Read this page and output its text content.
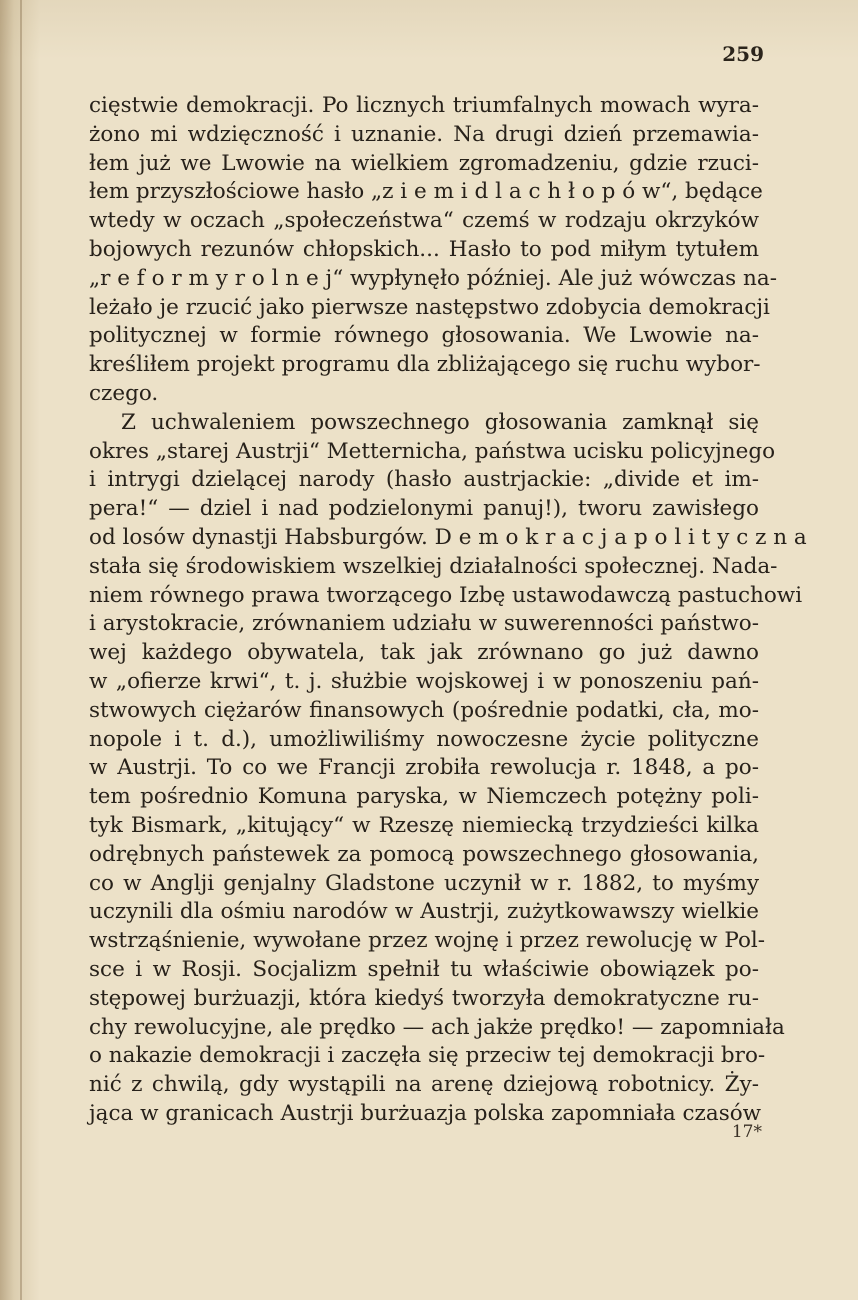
259
cięstwie demokracji. Po licznych triumfalnych mowach wyra-
żono mi wdzięczność i uznanie. Na drugi dzień przemawia-
łem już we Lwowie na wielkiem zgromadzeniu, gdzie rzuci-
łem przyszłościowe hasło „z i e m i d l a c h ł o p ó w“, będące
wtedy w oczach „społeczeństwa“ czemś w rodzaju okrzyków
bojowych rezunów chłopskich... Hasło to pod miłym tytułem
„r e f o r m y r o l n e j“ wypłynęło później. Ale już wówczas na-
leżało je rzucić jako pierwsze następstwo zdobycia demokracji
politycznej w formie równego głosowania. We Lwowie na-
kreśliłem projekt programu dla zbliżającego się ruchu wybor-
czego.
Z uchwaleniem powszechnego głosowania zamknął się
okres „starej Austrji“ Metternicha, państwa ucisku policyjnego
i intrygi dzielącej narody (hasło austrjackie: „divide et im-
pera!“ — dziel i nad podzielonymi panuj!), tworu zawisłego
od losów dynastji Habsburgów. D e m o k r a c j a p o l i t y c z n a
stała się środowiskiem wszelkiej działalności społecznej. Nada-
niem równego prawa tworzącego Izbę ustawodawczą pastuchowi
i arystokracie, zrównaniem udziału w suwerenności państwo-
wej każdego obywatela, tak jak zrównano go już dawno
w „ofierze krwi“, t. j. służbie wojskowej i w ponoszeniu pań-
stwowych ciężarów finansowych (pośrednie podatki, cła, mo-
nopole i t. d.), umożliwiliśmy nowoczesne życie polityczne
w Austrji. To co we Francji zrobiła rewolucja r. 1848, a po-
tem pośrednio Komuna paryska, w Niemczech potężny poli-
tyk Bismark, „kitujący“ w Rzeszę niemiecką trzydzieści kilka
odrębnych państewek za pomocą powszechnego głosowania,
co w Anglji genjalny Gladstone uczynił w r. 1882, to myśmy
uczynili dla ośmiu narodów w Austrji, zużytkowawszy wielkie
wstrząśnienie, wywołane przez wojnę i przez rewolucję w Pol-
sce i w Rosji. Socjalizm spełnił tu właściwie obowiązek po-
stępowej burżuazji, która kiedyś tworzyła demokratyczne ru-
chy rewolucyjne, ale prędko — ach jakże prędko! — zapomniała
o nakazie demokracji i zaczęła się przeciw tej demokracji bro-
nić z chwilą, gdy wystąpili na arenę dziejową robotnicy. Ży-
jąca w granicach Austrji burżuazja polska zapomniała czasów
17*
